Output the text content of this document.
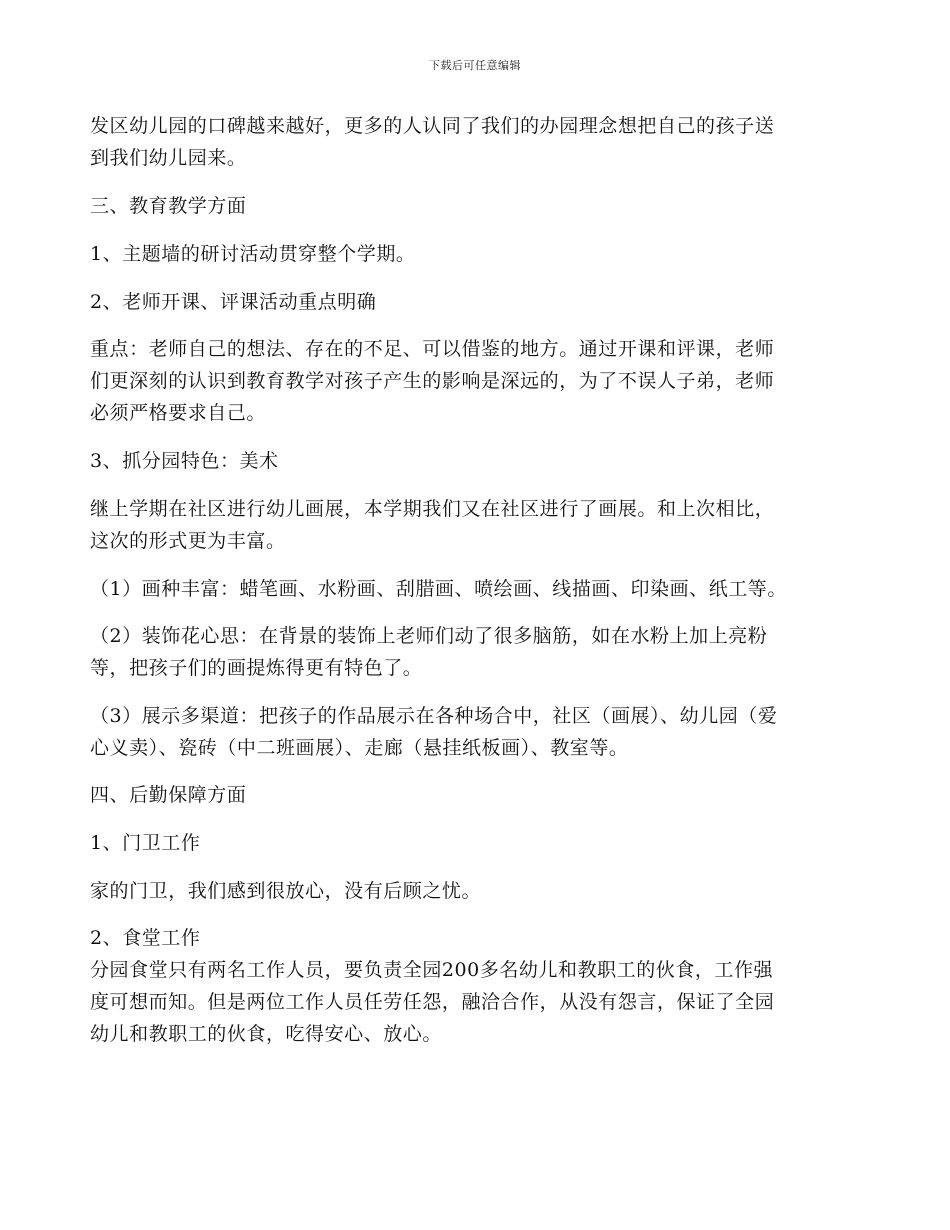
下载后可任意编辑
发区幼儿园的口碑越来越好，更多的人认同了我们的办园理念想把自己的孩子送
到我们幼儿园来。
三、教育教学方面
1、主题墙的研讨活动贯穿整个学期。
2、老师开课、评课活动重点明确
重点：老师自己的想法、存在的不足、可以借鉴的地方。通过开课和评课，老师
们更深刻的认识到教育教学对孩子产生的影响是深远的，为了不误人子弟，老师
必须严格要求自己。
3、抓分园特色：美术
继上学期在社区进行幼儿画展，本学期我们又在社区进行了画展。和上次相比，
这次的形式更为丰富。
（1）画种丰富：蜡笔画、水粉画、刮腊画、喷绘画、线描画、印染画、纸工等。
（2）装饰花心思：在背景的装饰上老师们动了很多脑筋，如在水粉上加上亮粉
等，把孩子们的画提炼得更有特色了。
（3）展示多渠道：把孩子的作品展示在各种场合中，社区（画展）、幼儿园（爱
心义卖）、瓷砖（中二班画展）、走廊（悬挂纸板画）、教室等。
四、后勤保障方面
1、门卫工作
家的门卫，我们感到很放心，没有后顾之忧。
2、食堂工作
分园食堂只有两名工作人员，要负责全园200多名幼儿和教职工的伙食，工作强
度可想而知。但是两位工作人员任劳任怨，融洽合作，从没有怨言，保证了全园
幼儿和教职工的伙食，吃得安心、放心。
